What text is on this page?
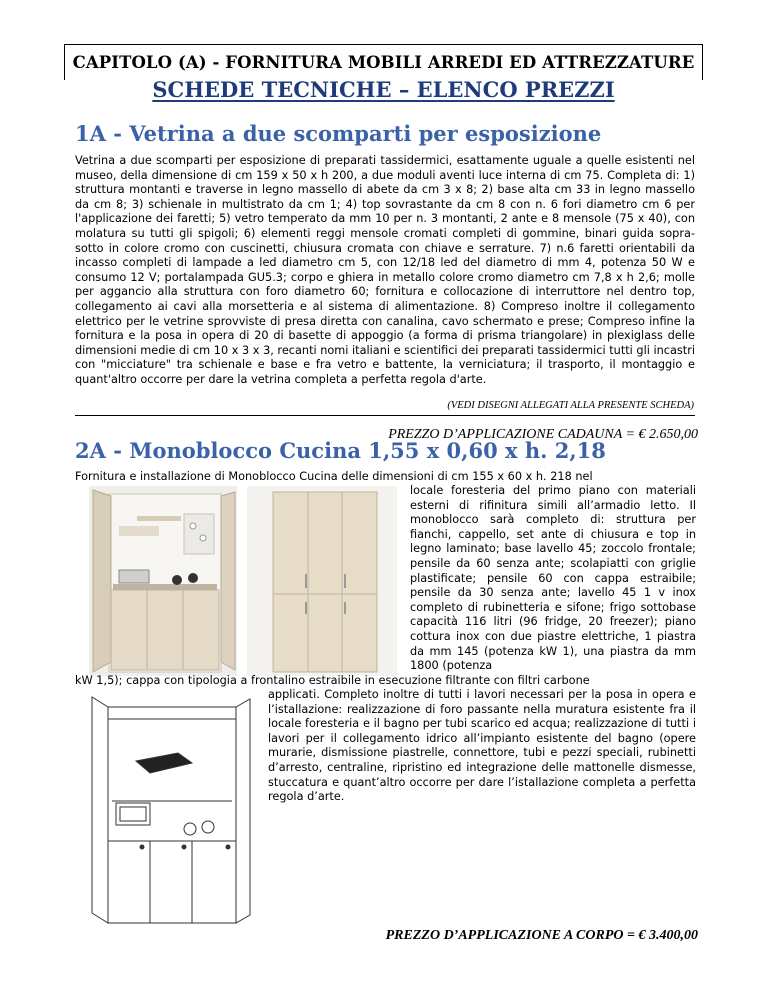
CAPITOLO (A) - FORNITURA MOBILI ARREDI ED ATTREZZATURE
SCHEDE TECNICHE – ELENCO PREZZI
1A - Vetrina a due scomparti per esposizione
Vetrina a due scomparti per esposizione di preparati tassidermici, esattamente uguale a quelle esistenti nel museo, della dimensione di cm 159 x 50 x h 200, a due moduli aventi luce interna di cm 75. Completa di: 1) struttura montanti e traverse in legno massello di abete da cm 3 x 8; 2) base alta cm 33 in legno massello da cm 8; 3) schienale in multistrato da cm 1; 4) top sovrastante da cm 8 con n. 6 fori diametro cm 6 per l'applicazione dei faretti; 5) vetro temperato da mm 10 per n. 3 montanti, 2 ante e 8 mensole (75 x 40), con molatura su tutti gli spigoli; 6) elementi reggi mensole cromati completi di gommine, binari guida sopra-sotto in colore cromo con cuscinetti, chiusura cromata con chiave e serrature. 7) n.6 faretti orientabili da incasso completi di lampade a led diametro cm 5, con 12/18 led del diametro di mm 4, potenza 50 W e consumo 12 V; portalampada GU5.3; corpo e ghiera in metallo colore cromo diametro cm 7,8 x h 2,6; molle per aggancio alla struttura con foro diametro 60; fornitura e collocazione di interruttore nel dentro top, collegamento ai cavi alla morsetteria e al sistema di alimentazione. 8) Compreso inoltre il collegamento elettrico per le vetrine sprovviste di presa diretta con canalina, cavo schermato e prese; Compreso infine la fornitura e la posa in opera di 20 di basette di appoggio (a forma di prisma triangolare) in plexiglass delle dimensioni medie di cm 10 x 3 x 3, recanti nomi italiani e scientifici dei preparati tassidermici tutti gli incastri con "micciature" tra schienale e base e fra vetro e battente, la verniciatura; il trasporto, il montaggio e quant'altro occorre per dare la vetrina completa a perfetta regola d'arte.
(VEDI DISEGNI ALLEGATI ALLA PRESENTE SCHEDA)
PREZZO D’APPLICAZIONE CADAUNA = € 2.650,00
2A - Monoblocco Cucina 1,55 x 0,60 x h. 2,18
Fornitura e installazione di Monoblocco Cucina delle dimensioni di cm 155 x 60 x h. 218 nel
locale foresteria del primo piano con materiali esterni di rifinitura simili all’armadio letto. Il monoblocco sarà completo di: struttura per fianchi, cappello, set ante di chiusura e top in legno laminato; base lavello 45; zoccolo frontale; pensile da 60 senza ante; scolapiatti con griglie plastificate; pensile 60 con cappa estraibile; pensile da 30 senza ante; lavello 45 1 v inox completo di rubinetteria e sifone; frigo sottobase capacità 116 litri (96 fridge, 20 freezer); piano cottura inox con due piastre elettriche, 1 piastra da mm 145 (potenza kW 1), una piastra da mm 1800 (potenza
kW 1,5); cappa con tipologia a frontalino estraibile in esecuzione filtrante con filtri carbone
applicati. Completo inoltre di tutti i lavori necessari per la posa in opera e l’istallazione: realizzazione di foro passante nella muratura esistente fra il locale foresteria e il bagno per tubi scarico ed acqua; realizzazione di tutti i lavori per il collegamento idrico all’impianto esistente del bagno (opere murarie, dismissione piastrelle, connettore, tubi e pezzi speciali, rubinetti d’arresto, centraline, ripristino ed integrazione delle mattonelle dismesse, stuccatura e quant’altro occorre per dare l’istallazione completa a perfetta regola d’arte.
PREZZO D’APPLICAZIONE A CORPO = € 3.400,00
